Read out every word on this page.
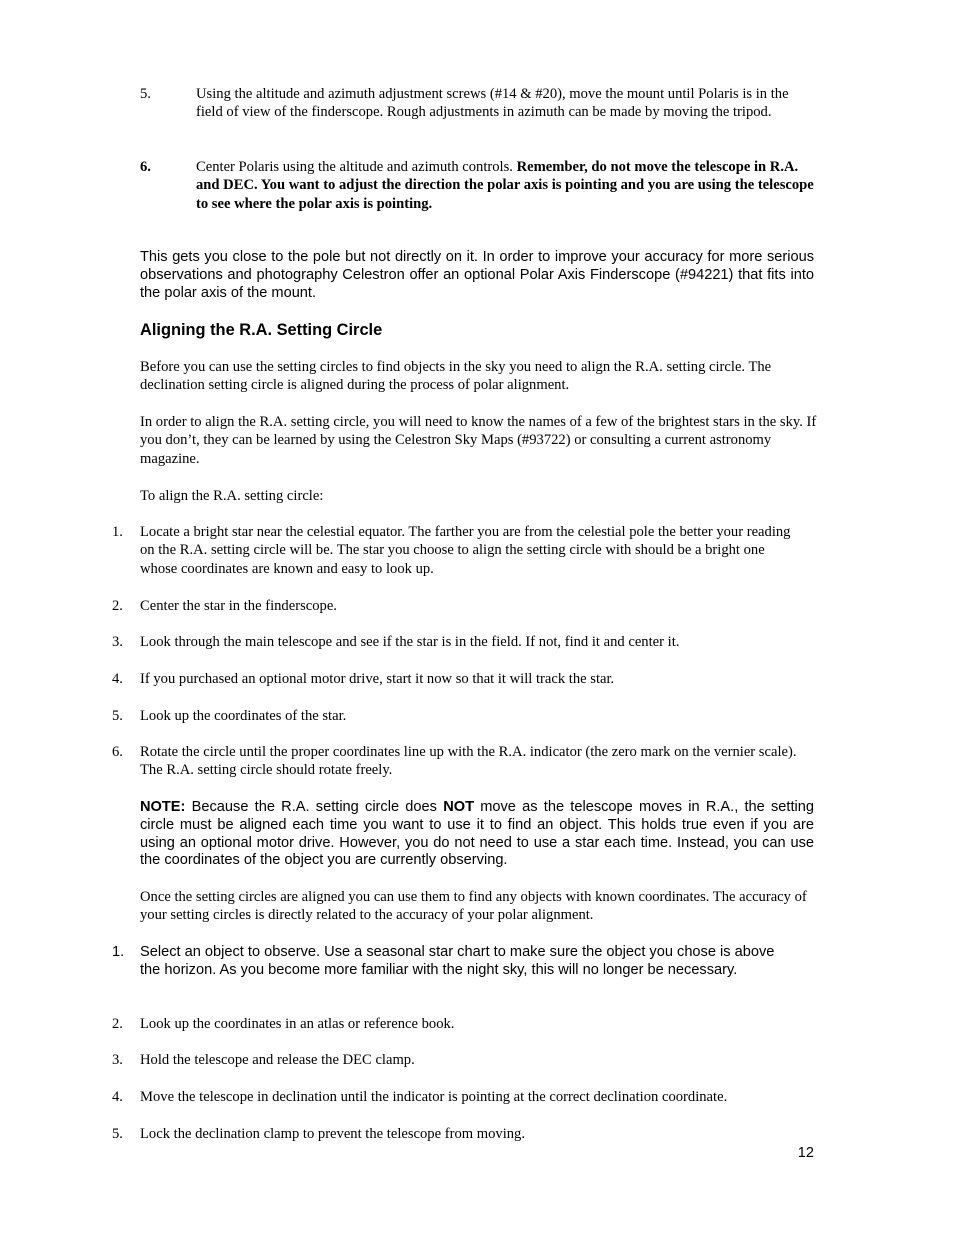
5.	Using the altitude and azimuth adjustment screws (#14 & #20), move the mount until Polaris is in the field of view of the finderscope. Rough adjustments in azimuth can be made by moving the tripod.

6.	Center Polaris using the altitude and azimuth controls. Remember, do not move the telescope in R.A. and DEC. You want to adjust the direction the polar axis is pointing and you are using the telescope to see where the polar axis is pointing.

This gets you close to the pole but not directly on it. In order to improve your accuracy for more serious observations and photography Celestron offer an optional Polar Axis Finderscope (#94221) that fits into the polar axis of the mount.

Aligning the R.A. Setting Circle

Before you can use the setting circles to find objects in the sky you need to align the R.A. setting circle. The declination setting circle is aligned during the process of polar alignment.

In order to align the R.A. setting circle, you will need to know the names of a few of the brightest stars in the sky. If you don’t, they can be learned by using the Celestron Sky Maps (#93722) or consulting a current astronomy magazine.

To align the R.A. setting circle:

1. Locate a bright star near the celestial equator. The farther you are from the celestial pole the better your reading on the R.A. setting circle will be. The star you choose to align the setting circle with should be a bright one whose coordinates are known and easy to look up.

2. Center the star in the finderscope.

3. Look through the main telescope and see if the star is in the field. If not, find it and center it.

4. If you purchased an optional motor drive, start it now so that it will track the star.

5. Look up the coordinates of the star.

6. Rotate the circle until the proper coordinates line up with the R.A. indicator (the zero mark on the vernier scale). The R.A. setting circle should rotate freely.

NOTE: Because the R.A. setting circle does NOT move as the telescope moves in R.A., the setting circle must be aligned each time you want to use it to find an object. This holds true even if you are using an optional motor drive. However, you do not need to use a star each time. Instead, you can use the coordinates of the object you are currently observing.

Once the setting circles are aligned you can use them to find any objects with known coordinates. The accuracy of your setting circles is directly related to the accuracy of your polar alignment.

1. Select an object to observe. Use a seasonal star chart to make sure the object you chose is above the horizon. As you become more familiar with the night sky, this will no longer be necessary.

2. Look up the coordinates in an atlas or reference book.

3. Hold the telescope and release the DEC clamp.

4. Move the telescope in declination until the indicator is pointing at the correct declination coordinate.

5. Lock the declination clamp to prevent the telescope from moving.

12
